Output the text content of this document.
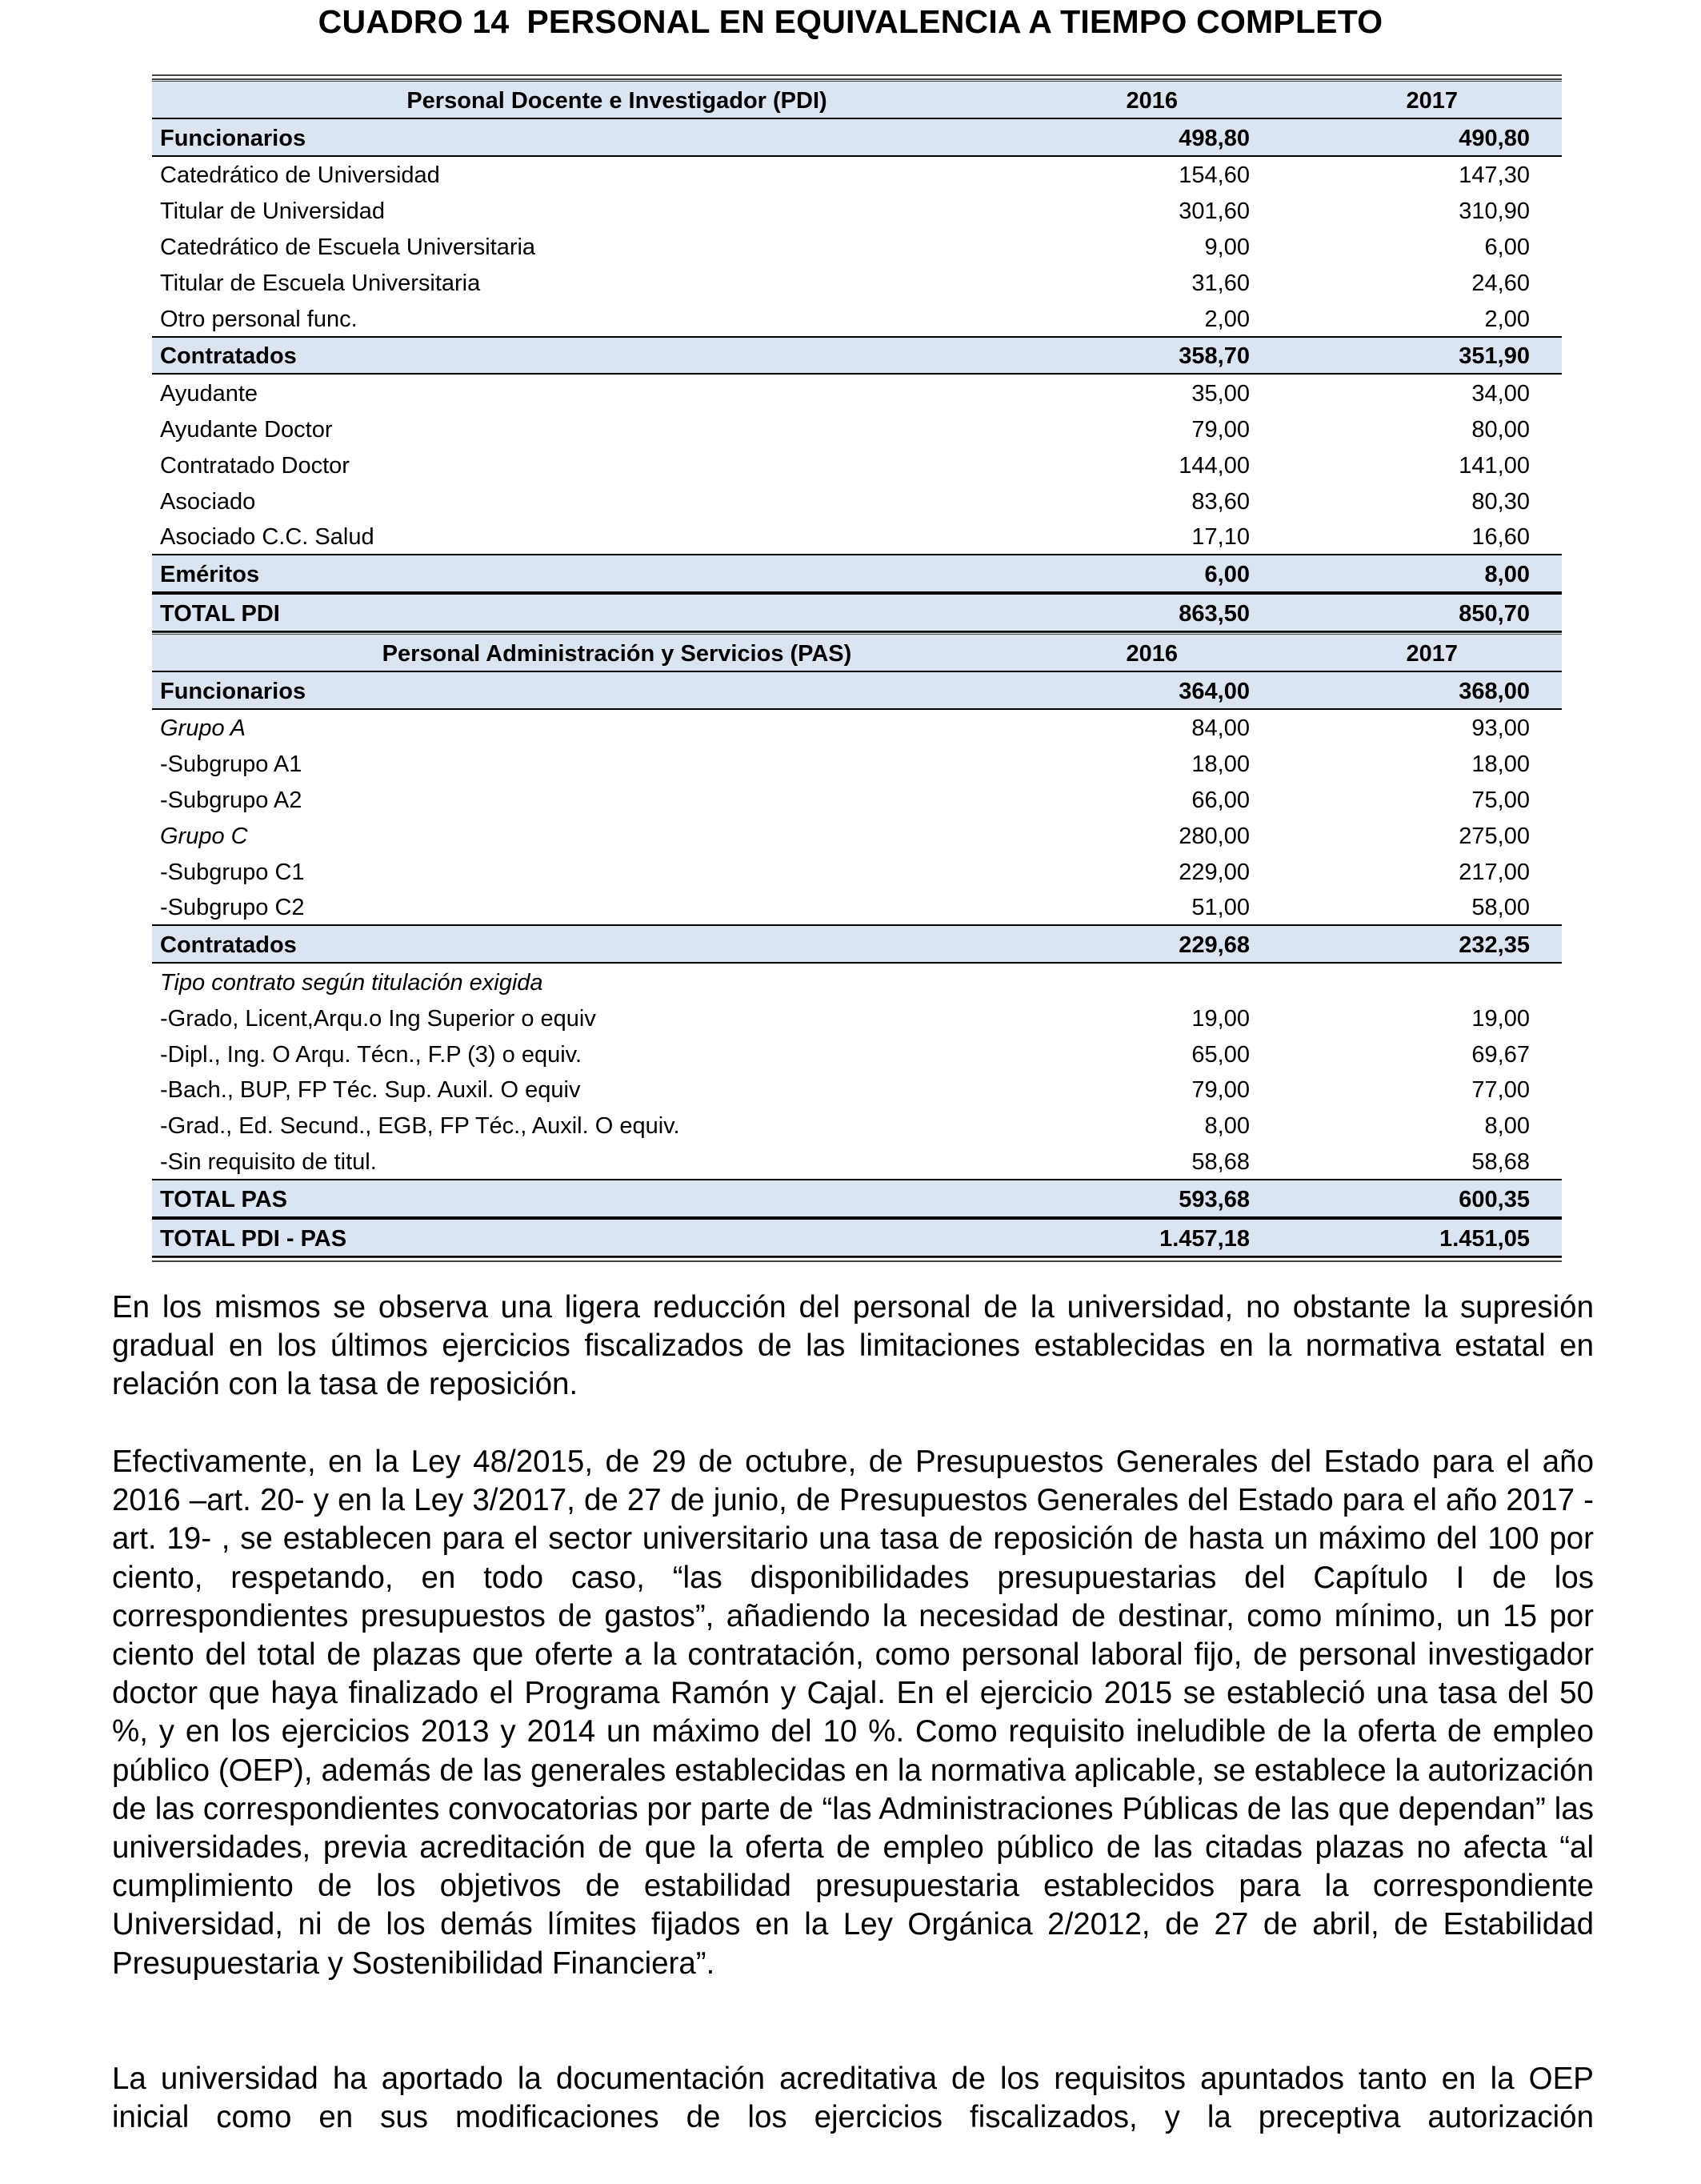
CUADRO 14 PERSONAL EN EQUIVALENCIA A TIEMPO COMPLETO
Personal Docente e Investigador (PDI)	2016	2017
Funcionarios	498,80	490,80
Catedrático de Universidad	154,60	147,30
Titular de Universidad	301,60	310,90
Catedrático de Escuela Universitaria	9,00	6,00
Titular de Escuela Universitaria	31,60	24,60
Otro personal func.	2,00	2,00
Contratados	358,70	351,90
Ayudante	35,00	34,00
Ayudante Doctor	79,00	80,00
Contratado Doctor	144,00	141,00
Asociado	83,60	80,30
Asociado C.C. Salud	17,10	16,60
Eméritos	6,00	8,00
TOTAL PDI	863,50	850,70
Personal Administración y Servicios (PAS)	2016	2017
Funcionarios	364,00	368,00
Grupo A	84,00	93,00
-Subgrupo A1	18,00	18,00
-Subgrupo A2	66,00	75,00
Grupo C	280,00	275,00
-Subgrupo C1	229,00	217,00
-Subgrupo C2	51,00	58,00
Contratados	229,68	232,35
Tipo contrato según titulación exigida
-Grado, Licent,Arqu.o Ing Superior o equiv	19,00	19,00
-Dipl., Ing. O Arqu. Técn., F.P (3) o equiv.	65,00	69,67
-Bach., BUP, FP Téc. Sup. Auxil. O equiv	79,00	77,00
-Grad., Ed. Secund., EGB, FP Téc., Auxil. O equiv.	8,00	8,00
-Sin requisito de titul.	58,68	58,68
TOTAL PAS	593,68	600,35
TOTAL PDI - PAS	1.457,18	1.451,05
En los mismos se observa una ligera reducción del personal de la universidad, no obstante la supresión gradual en los últimos ejercicios fiscalizados de las limitaciones establecidas en la normativa estatal en relación con la tasa de reposición.
Efectivamente, en la Ley 48/2015, de 29 de octubre, de Presupuestos Generales del Estado para el año 2016 –art. 20- y en la Ley 3/2017, de 27 de junio, de Presupuestos Generales del Estado para el año 2017 -art. 19- , se establecen para el sector universitario una tasa de reposición de hasta un máximo del 100 por ciento, respetando, en todo caso, “las disponibilidades presupuestarias del Capítulo I de los correspondientes presupuestos de gastos”, añadiendo la necesidad de destinar, como mínimo, un 15 por ciento del total de plazas que oferte a la contratación, como personal laboral fijo, de personal investigador doctor que haya finalizado el Programa Ramón y Cajal. En el ejercicio 2015 se estableció una tasa del 50 %, y en los ejercicios 2013 y 2014 un máximo del 10 %. Como requisito ineludible de la oferta de empleo público (OEP), además de las generales establecidas en la normativa aplicable, se establece la autorización de las correspondientes convocatorias por parte de “las Administraciones Públicas de las que dependan” las universidades, previa acreditación de que la oferta de empleo público de las citadas plazas no afecta “al cumplimiento de los objetivos de estabilidad presupuestaria establecidos para la correspondiente Universidad, ni de los demás límites fijados en la Ley Orgánica 2/2012, de 27 de abril, de Estabilidad Presupuestaria y Sostenibilidad Financiera”.
La universidad ha aportado la documentación acreditativa de los requisitos apuntados tanto en la OEP inicial como en sus modificaciones de los ejercicios fiscalizados, y la preceptiva autorización
